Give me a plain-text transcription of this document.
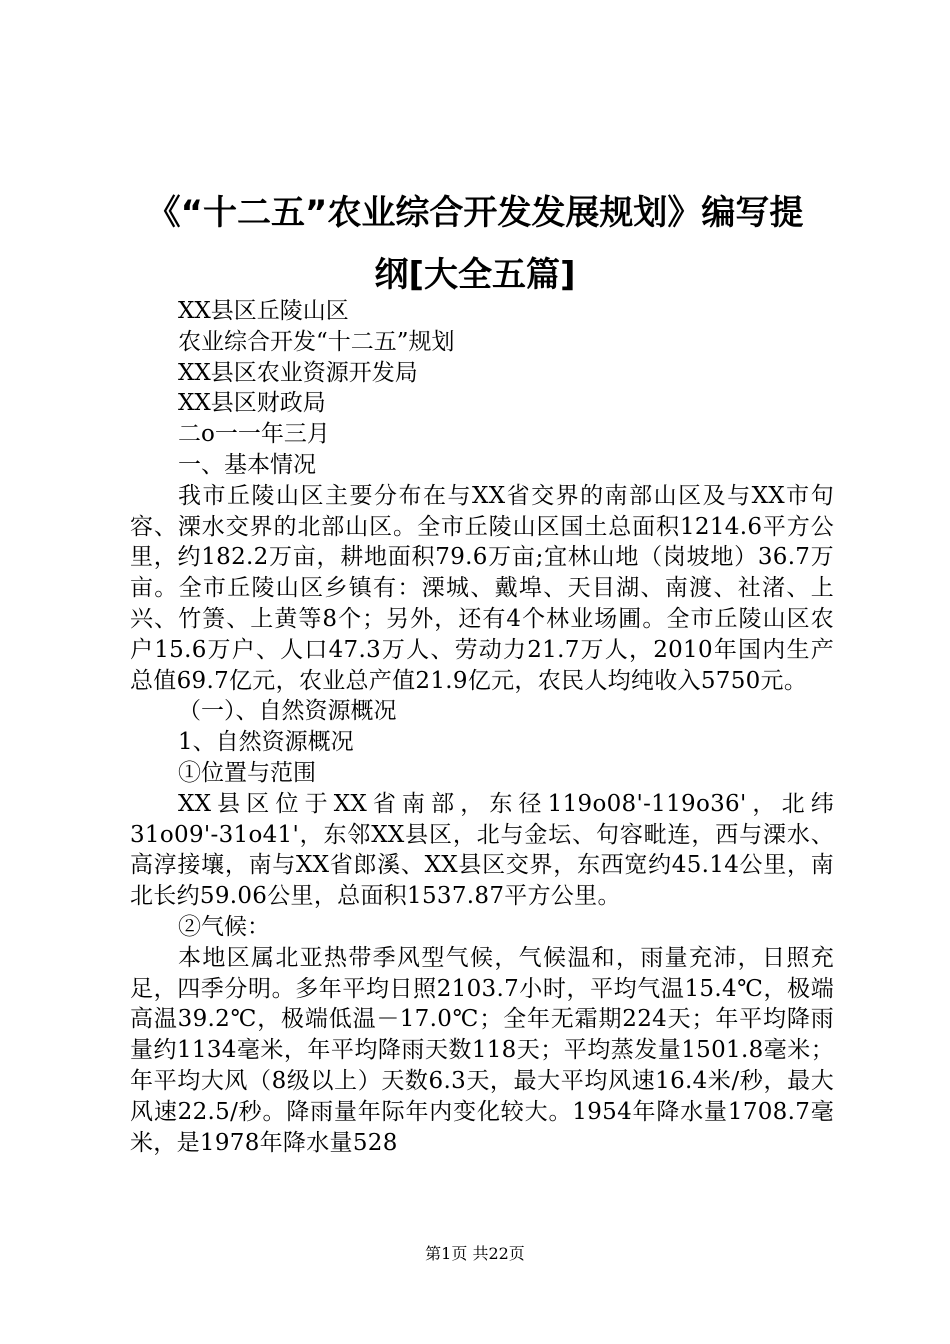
《“十二五”农业综合开发发展规划》编写提
纲[大全五篇]

XX县区丘陵山区

农业综合开发“十二五”规划

XX县区农业资源开发局

XX县区财政局

二o一一年三月

一、基本情况

我市丘陵山区主要分布在与XX省交界的南部山区及与XX市句容、溧水交界的北部山区。全市丘陵山区国土总面积1214.6平方公里，约182.2万亩，耕地面积79.6万亩;宜林山地（岗坡地）36.7万亩。全市丘陵山区乡镇有：溧城、戴埠、天目湖、南渡、社渚、上兴、竹箦、上黄等8个；另外，还有4个林业场圃。全市丘陵山区农户15.6万户、人口47.3万人、劳动力21.7万人，2010年国内生产总值69.7亿元，农业总产值21.9亿元，农民人均纯收入5750元。

（一）、自然资源概况

1、自然资源概况

①位置与范围

XX县区位于XX省南部，东径119o08'-119o36'，北纬31o09'-31o41'，东邻XX县区，北与金坛、句容毗连，西与溧水、高淳接壤，南与XX省郎溪、XX县区交界，东西宽约45.14公里，南北长约59.06公里，总面积1537.87平方公里。

②气候：

本地区属北亚热带季风型气候，气候温和，雨量充沛，日照充足，四季分明。多年平均日照2103.7小时，平均气温15.4℃，极端高温39.2℃，极端低温－17.0℃；全年无霜期224天；年平均降雨量约1134毫米，年平均降雨天数118天；平均蒸发量1501.8毫米；年平均大风（8级以上）天数6.3天，最大平均风速16.4米/秒，最大风速22.5/秒。降雨量年际年内变化较大。1954年降水量1708.7毫米，是1978年降水量528

第1页 共22页
